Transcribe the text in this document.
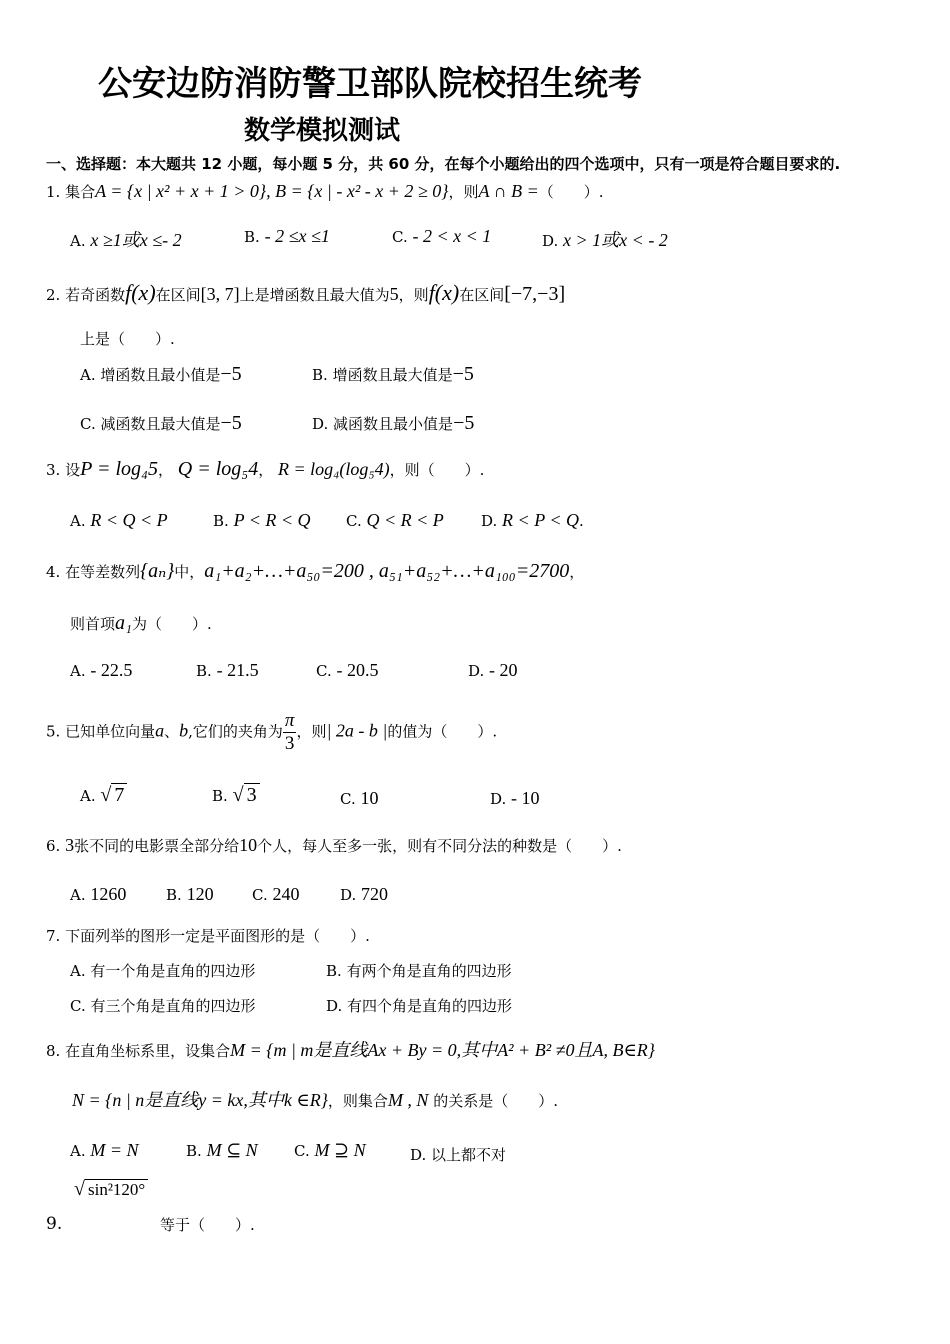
公安边防消防警卫部队院校招生统考
数学模拟测试
一、选择题：本大题共 12 小题，每小题 5 分，共 60 分，在每个小题给出的四个选项中，只有一项是符合题目要求的.
1. 集合A = {x | x² + x + 1 > 0}, B = {x | - x² - x + 2 ≥ 0}，则A ∩ B =（　　）.
A. x ≥1或x ≤- 2	B. - 2 ≤x ≤1	C. - 2 < x < 1	D. x > 1或x < - 2
2. 若奇函数f(x)在区间[3, 7]上是增函数且最大值为5，则f(x)在区间[−7,−3]
上是（　　）.
A. 增函数且最小值是−5	B. 增函数且最大值是−5
C. 减函数且最大值是−5	D. 减函数且最小值是−5
3. 设P = log₄5， Q = log₅4， R = log₄(log₅4)，则（　　）.
A. R < Q < P	B. P < R < Q C. Q < R < P D. R < P < Q.
4. 在等差数列{aₙ}中，a₁+a₂+…+a₅₀=200 , a₅₁+a₅₂+…+a₁₀₀=2700，
则首项a₁为（　　）.
A. - 22.5	B. - 21.5	C. - 20.5	D. - 20
5. 已知单位向量a、b,它们的夹角为 $\frac{\pi}{3}$ ，则| 2a - b |的值为（　　）.
A. √ 7	B. √ 3	C. 10	D. - 10
6. 3张不同的电影票全部分给10个人，每人至多一张，则有不同分法的种数是（　　）.
A. 1260	B. 120	C. 240	D. 720
7. 下面列举的图形一定是平面图形的是（　　）.
A. 有一个角是直角的四边形	B. 有两个角是直角的四边形
C. 有三个角是直角的四边形	D. 有四个角是直角的四边形
8. 在直角坐标系里，设集合M = {m | m是直线Ax + By = 0,其中A² + B² ≠0且A, B∈R}
N = {n | n是直线y = kx,其中k ∈R}，则集合M , N 的关系是（　　）.
A. M = N	B. M ⊆ N C. M ⊇ N	D. 以上都不对
√ sin²120°
9.	等于（　　）.
